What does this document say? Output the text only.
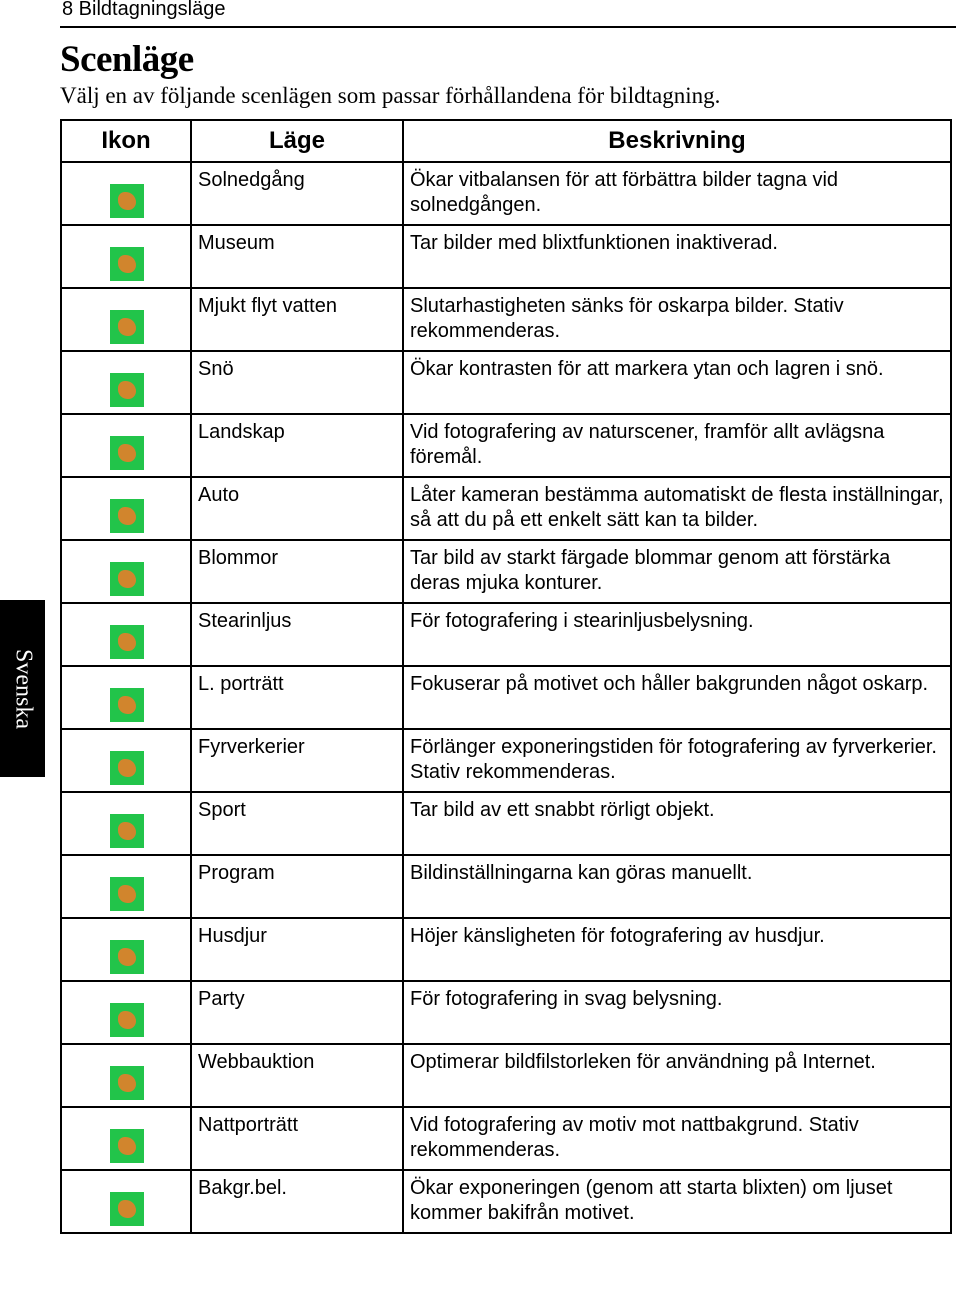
8 Bildtagningsläge
Scenläge
Välj en av följande scenlägen som passar förhållandena för bildtagning.
Svenska
Ikon	Läge	Beskrivning

	Solnedgång	Ökar vitbalansen för att förbättra bilder tagna vid solnedgången.

	Museum	Tar bilder med blixtfunktionen inaktiverad.

	Mjukt flyt vatten	Slutarhastigheten sänks för oskarpa bilder. Stativ rekommenderas.

	Snö	Ökar kontrasten för att markera ytan och lagren i snö.

	Landskap	Vid fotografering av naturscener, framför allt avlägsna föremål.

	Auto	Låter kameran bestämma automatiskt de flesta inställningar, så att du på ett enkelt sätt kan ta bilder.

	Blommor	Tar bild av starkt färgade blommar genom att förstärka deras mjuka konturer.

	Stearinljus	För fotografering i stearinljusbelysning.

	L. porträtt	Fokuserar på motivet och håller bakgrunden något oskarp.

	Fyrverkerier	Förlänger exponeringstiden för fotografering av fyrverkerier. Stativ rekommenderas.

	Sport	Tar bild av ett snabbt rörligt objekt.

	Program	Bildinställningarna kan göras manuellt.

	Husdjur	Höjer känsligheten för fotografering av husdjur.

	Party	För fotografering in svag belysning.

	Webbauktion	Optimerar bildfilstorleken för användning på Internet.

	Nattporträtt	Vid fotografering av motiv mot nattbakgrund. Stativ rekommenderas.

	Bakgr.bel.	Ökar exponeringen (genom att starta blixten) om ljuset kommer bakifrån motivet.
